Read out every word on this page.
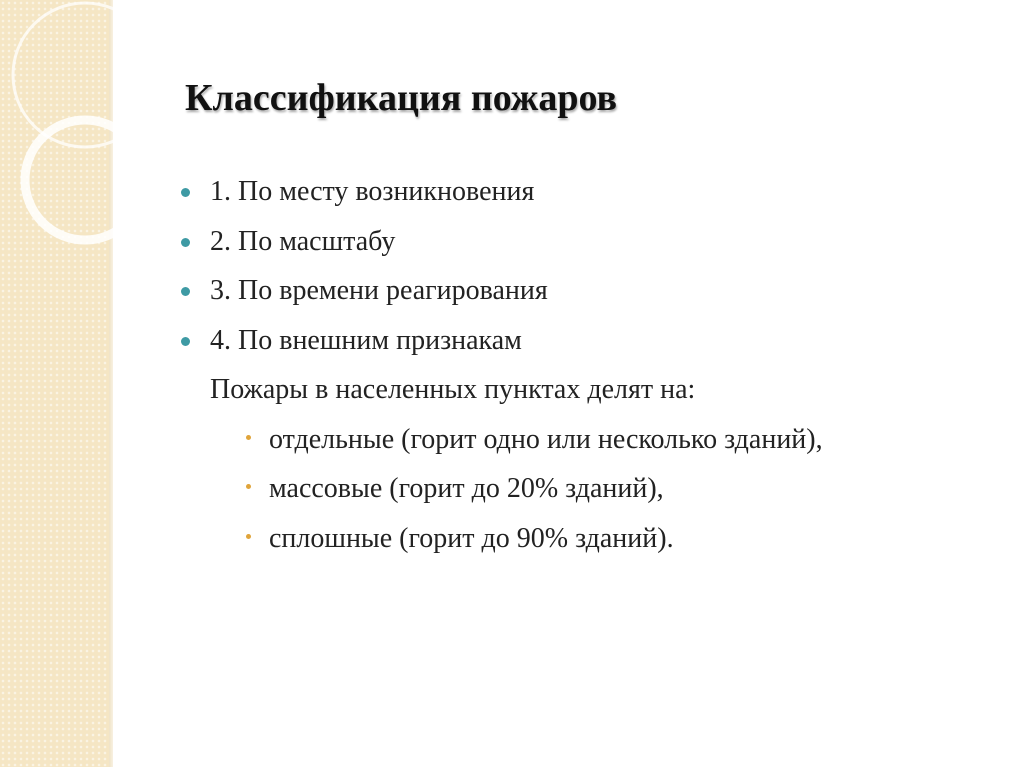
Классификация пожаров
1. По месту возникновения
2. По масштабу
3. По времени реагирования
4. По внешним признакам
Пожары в населенных пунктах делят на:
отдельные (горит одно или несколько зданий),
массовые (горит до 20% зданий),
сплошные (горит до 90% зданий).
